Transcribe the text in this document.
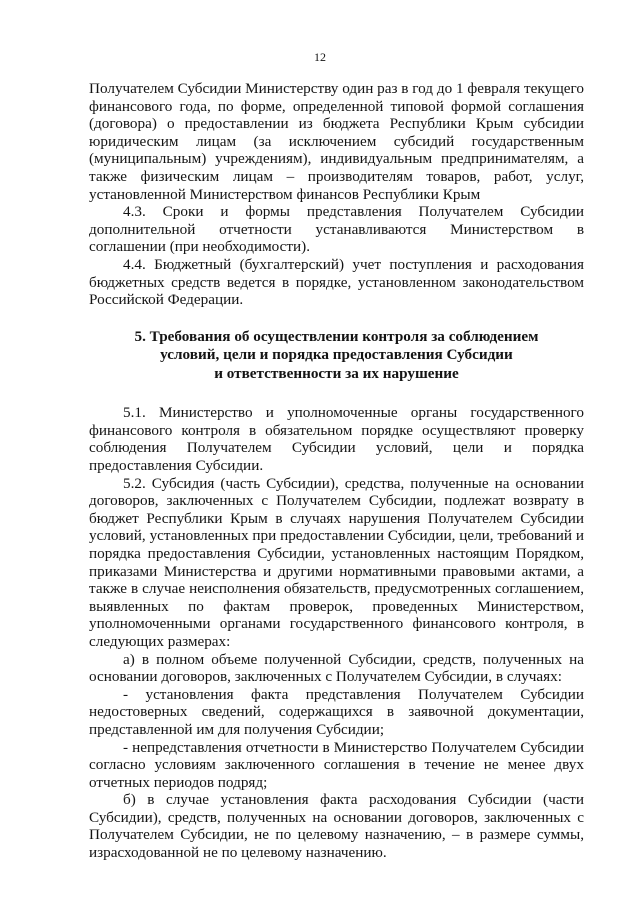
12

Получателем Субсидии Министерству один раз в год до 1 февраля текущего финансового года, по форме, определенной типовой формой соглашения (договора) о предоставлении из бюджета Республики Крым субсидии юридическим лицам (за исключением субсидий государственным (муниципальным) учреждениям), индивидуальным предпринимателям, а также физическим лицам – производителям товаров, работ, услуг, установленной Министерством финансов Республики Крым

4.3. Сроки и формы представления Получателем Субсидии дополнительной отчетности устанавливаются Министерством в соглашении (при необходимости).

4.4. Бюджетный (бухгалтерский) учет поступления и расходования бюджетных средств ведется в порядке, установленном законодательством Российской Федерации.

5. Требования об осуществлении контроля за соблюдением
условий, цели и порядка предоставления Субсидии
и ответственности за их нарушение

5.1. Министерство и уполномоченные органы государственного финансового контроля в обязательном порядке осуществляют проверку соблюдения Получателем Субсидии условий, цели и порядка предоставления Субсидии.

5.2. Субсидия (часть Субсидии), средства, полученные на основании договоров, заключенных с Получателем Субсидии, подлежат возврату в бюджет Республики Крым в случаях нарушения Получателем Субсидии условий, установленных при предоставлении Субсидии, цели, требований и порядка предоставления Субсидии, установленных настоящим Порядком, приказами Министерства и другими нормативными правовыми актами, а также в случае неисполнения обязательств, предусмотренных соглашением, выявленных по фактам проверок, проведенных Министерством, уполномоченными органами государственного финансового контроля, в следующих размерах:

а) в полном объеме полученной Субсидии, средств, полученных на основании договоров, заключенных с Получателем Субсидии, в случаях:

- установления факта представления Получателем Субсидии недостоверных сведений, содержащихся в заявочной документации, представленной им для получения Субсидии;

- непредставления отчетности в Министерство Получателем Субсидии согласно условиям заключенного соглашения в течение не менее двух отчетных периодов подряд;

б) в случае установления факта расходования Субсидии (части Субсидии), средств, полученных на основании договоров, заключенных с Получателем Субсидии, не по целевому назначению, – в размере суммы, израсходованной не по целевому назначению.
